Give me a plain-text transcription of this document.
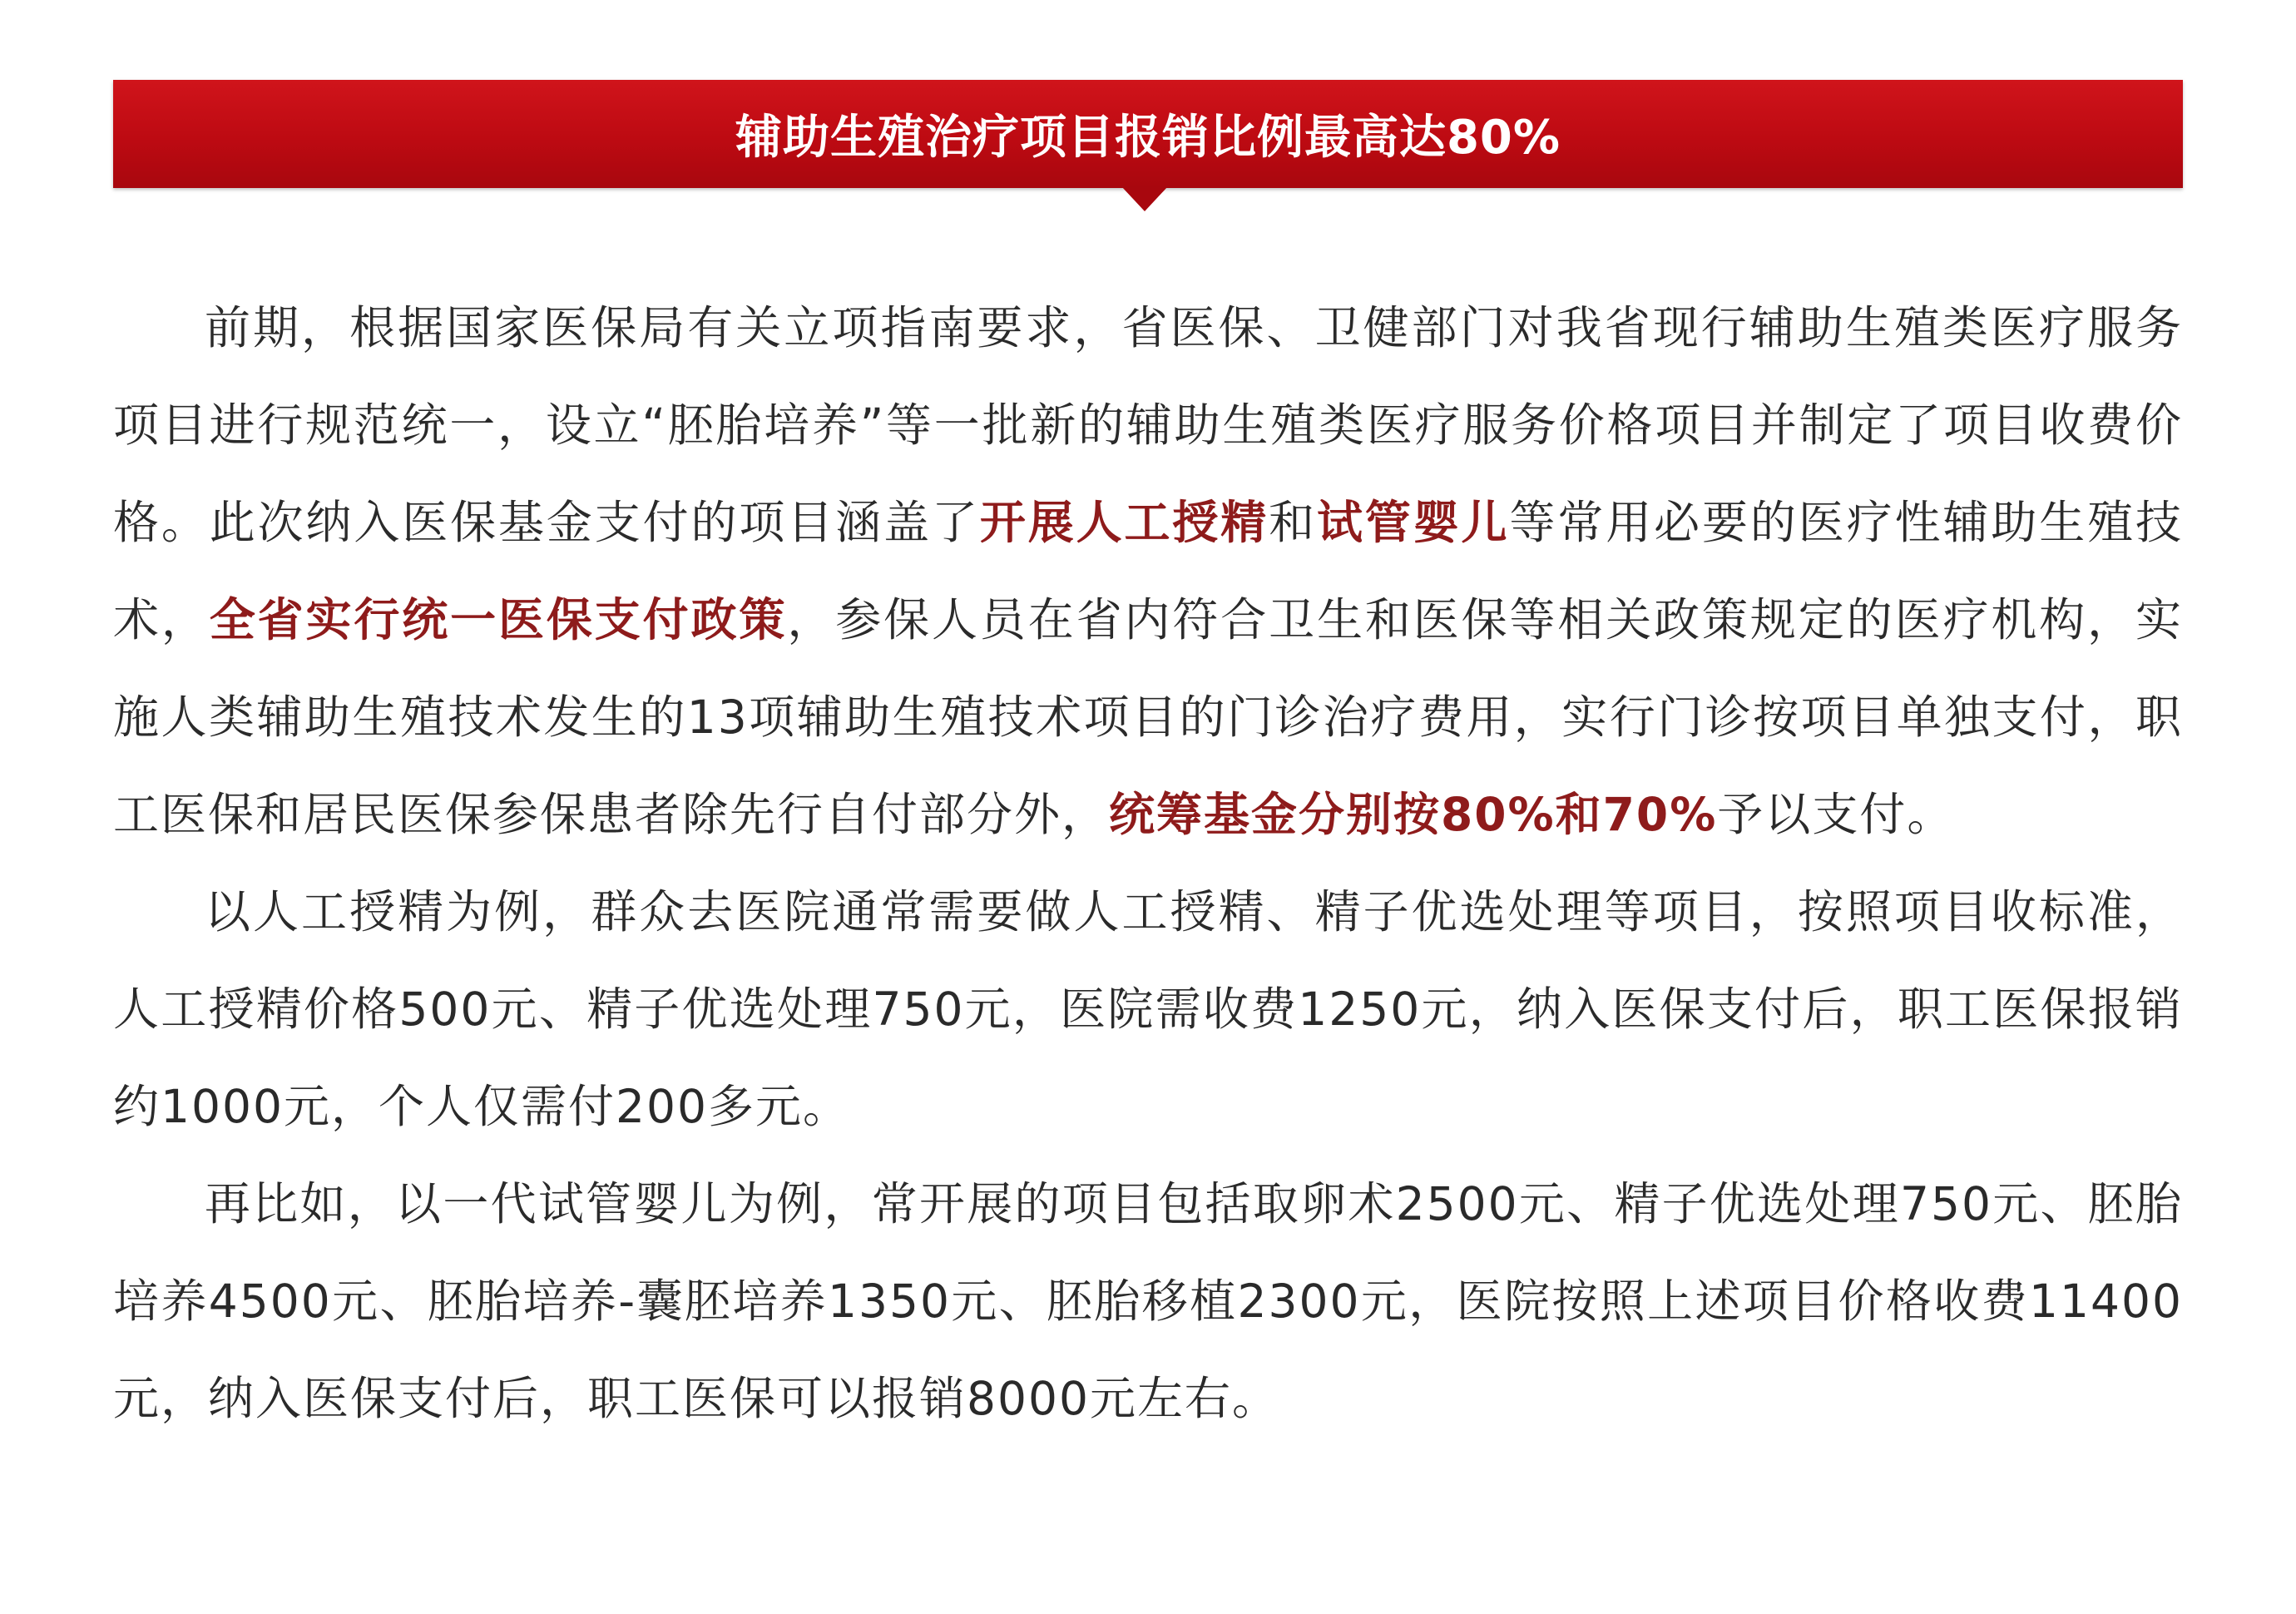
辅助生殖治疗项目报销比例最高达80%

前期，根据国家医保局有关立项指南要求，省医保、卫健部门对我省现行辅助生殖类医疗服务项目进行规范统一，设立“胚胎培养”等一批新的辅助生殖类医疗服务价格项目并制定了项目收费价格。此次纳入医保基金支付的项目涵盖了开展人工授精和试管婴儿等常用必要的医疗性辅助生殖技术，全省实行统一医保支付政策，参保人员在省内符合卫生和医保等相关政策规定的医疗机构，实施人类辅助生殖技术发生的13项辅助生殖技术项目的门诊治疗费用，实行门诊按项目单独支付，职工医保和居民医保参保患者除先行自付部分外，统筹基金分别按80%和70%予以支付。

以人工授精为例，群众去医院通常需要做人工授精、精子优选处理等项目，按照项目收标准，人工授精价格500元、精子优选处理750元，医院需收费1250元，纳入医保支付后，职工医保报销约1000元，个人仅需付200多元。

再比如，以一代试管婴儿为例，常开展的项目包括取卵术2500元、精子优选处理750元、胚胎培养4500元、胚胎培养-囊胚培养1350元、胚胎移植2300元，医院按照上述项目价格收费11400元，纳入医保支付后，职工医保可以报销8000元左右。
